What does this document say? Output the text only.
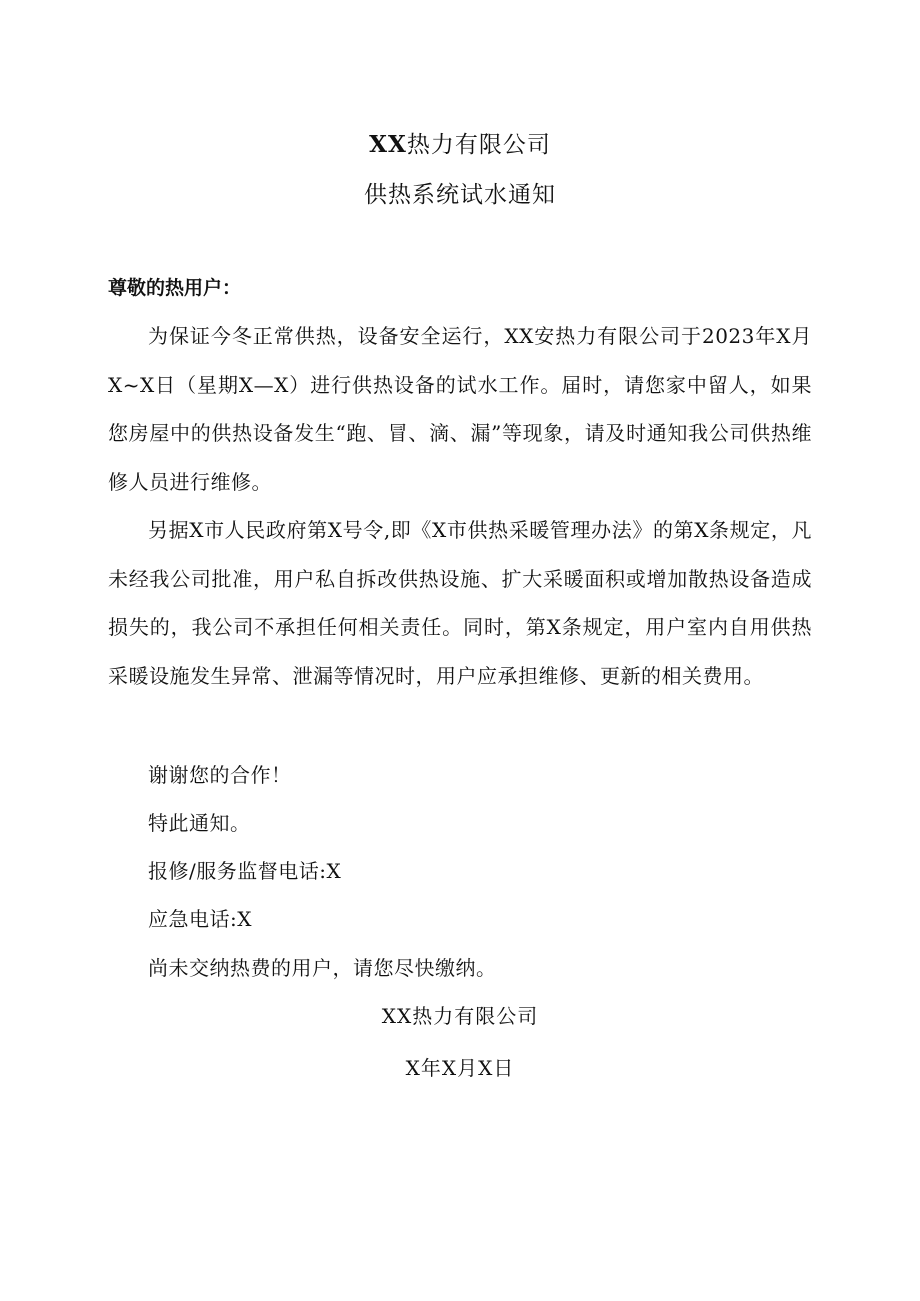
XX热力有限公司
供热系统试水通知
尊敬的热用户：
为保证今冬正常供热，设备安全运行，XX安热力有限公司于2023年X月X~X日（星期X—X）进行供热设备的试水工作。届时，请您家中留人，如果您房屋中的供热设备发生“跑、冒、滴、漏”等现象，请及时通知我公司供热维修人员进行维修。
另据X市人民政府第X号令,即《X市供热采暖管理办法》的第X条规定，凡未经我公司批准，用户私自拆改供热设施、扩大采暖面积或增加散热设备造成损失的，我公司不承担任何相关责任。同时，第X条规定，用户室内自用供热采暖设施发生异常、泄漏等情况时，用户应承担维修、更新的相关费用。
谢谢您的合作！
特此通知。
报修/服务监督电话:X
应急电话:X
尚未交纳热费的用户，请您尽快缴纳。
XX热力有限公司
X年X月X日
